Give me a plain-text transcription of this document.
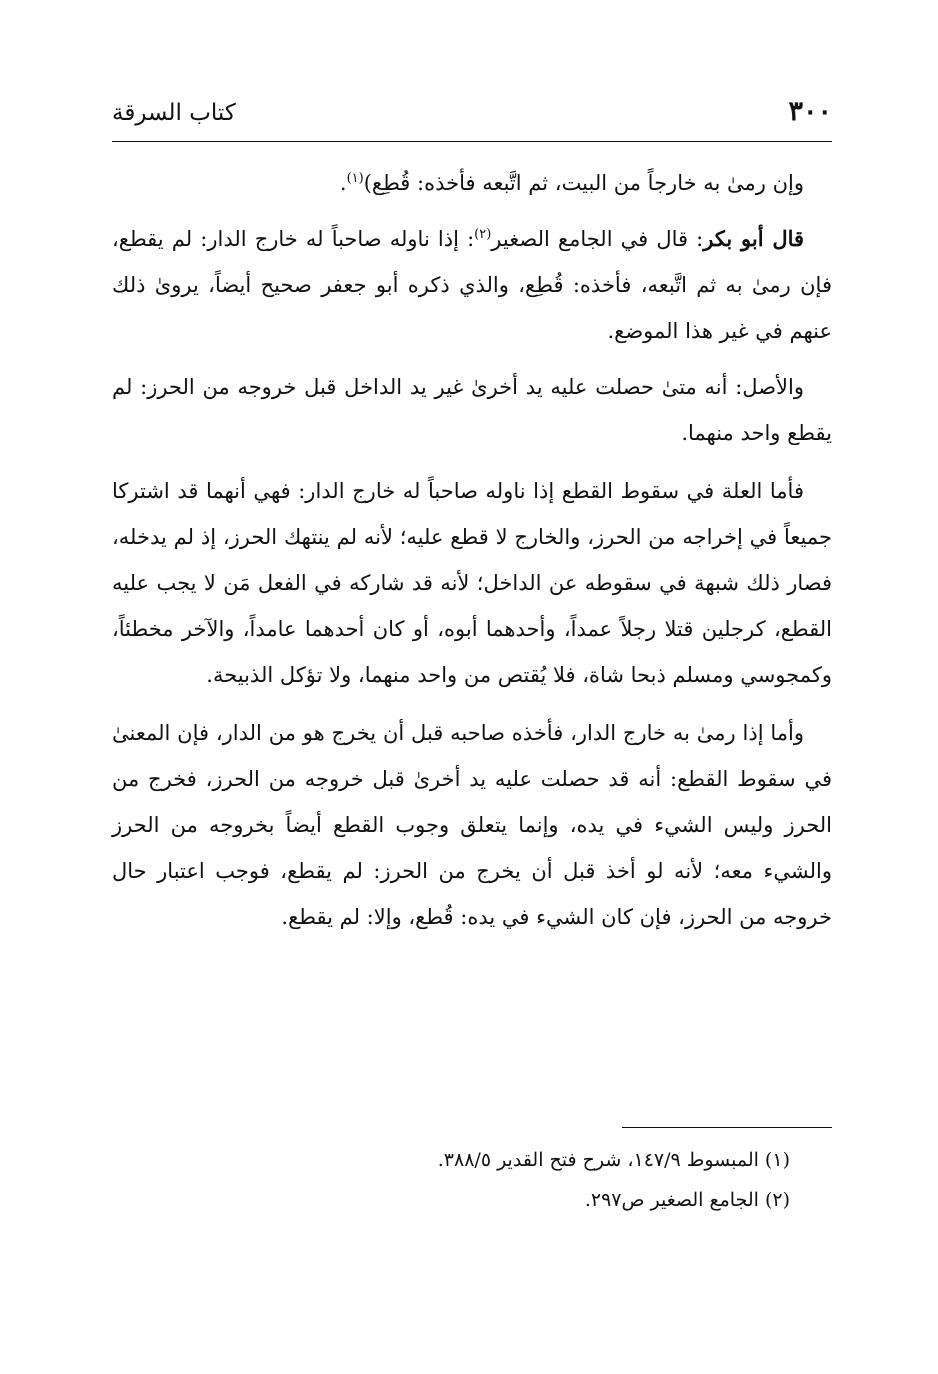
٣٠٠
كتاب السرقة

وإن رمىٰ به خارجاً من البيت، ثم اتَّبعه فأخذه: قُطِع)$^{(١)}$.

قال أبو بكر: قال في الجامع الصغير$^{(٢)}$: إذا ناوله صاحباً له خارج الدار: لم يقطع، فإن رمىٰ به ثم اتَّبعه، فأخذه: قُطِع، والذي ذكره أبو جعفر صحيح أيضاً، يروىٰ ذلك عنهم في غير هذا الموضع.

والأصل: أنه متىٰ حصلت عليه يد أخرىٰ غير يد الداخل قبل خروجه من الحرز: لم يقطع واحد منهما.

فأما العلة في سقوط القطع إذا ناوله صاحباً له خارج الدار: فهي أنهما قد اشتركا جميعاً في إخراجه من الحرز، والخارج لا قطع عليه؛ لأنه لم ينتهك الحرز، إذ لم يدخله، فصار ذلك شبهة في سقوطه عن الداخل؛ لأنه قد شاركه في الفعل مَن لا يجب عليه القطع، كرجلين قتلا رجلاً عمداً، وأحدهما أبوه، أو كان أحدهما عامداً، والآخر مخطئاً، وكمجوسي ومسلم ذبحا شاة، فلا يُقتص من واحد منهما، ولا تؤكل الذبيحة.

وأما إذا رمىٰ به خارج الدار، فأخذه صاحبه قبل أن يخرج هو من الدار، فإن المعنىٰ في سقوط القطع: أنه قد حصلت عليه يد أخرىٰ قبل خروجه من الحرز، فخرج من الحرز وليس الشيء في يده، وإنما يتعلق وجوب القطع أيضاً بخروجه من الحرز والشيء معه؛ لأنه لو أخذ قبل أن يخرج من الحرز: لم يقطع، فوجب اعتبار حال خروجه من الحرز، فإن كان الشيء في يده: قُطع، وإلا: لم يقطع.

(١) المبسوط ١٤٧/٩، شرح فتح القدير ٣٨٨/٥.

(٢) الجامع الصغير ص٢٩٧.
